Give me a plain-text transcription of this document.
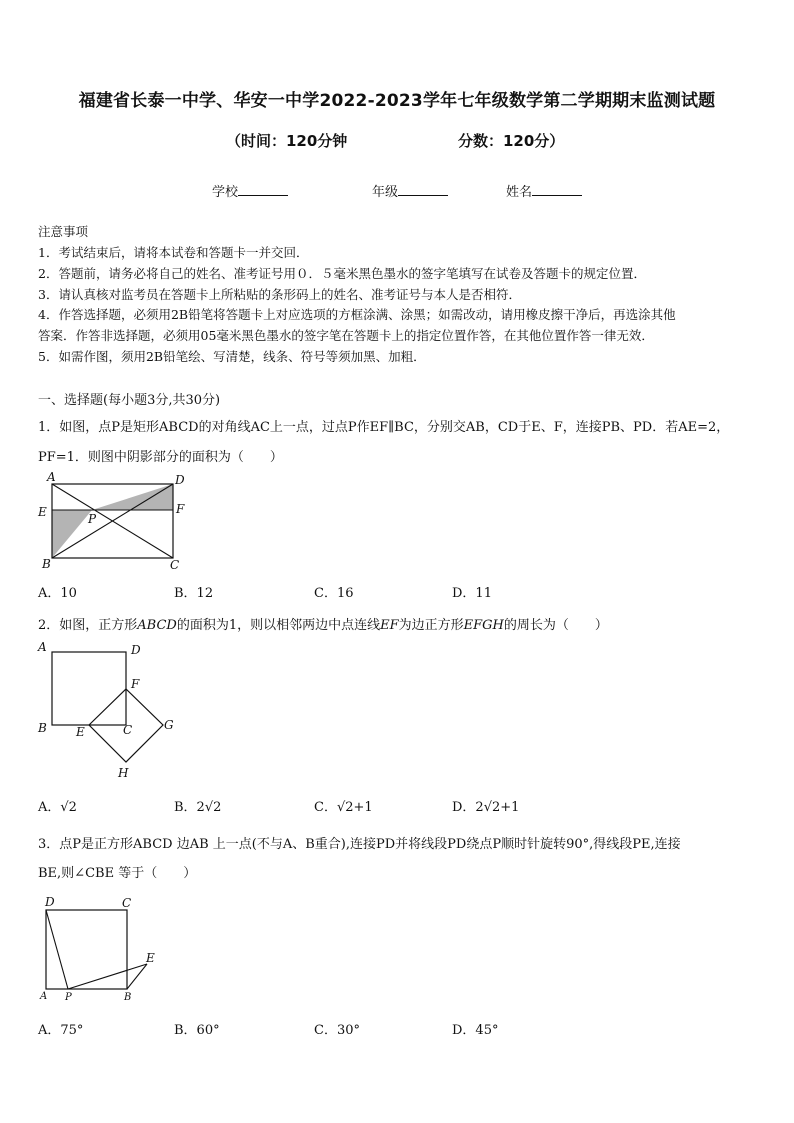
福建省长泰一中学、华安一中学2022-2023学年七年级数学第二学期期末监测试题
（时间：120分钟	分数：120分）
学校	年级	姓名
注意事项
1．考试结束后，请将本试卷和答题卡一并交回．
2．答题前，请务必将自己的姓名、准考证号用０．５毫米黑色墨水的签字笔填写在试卷及答题卡的规定位置．
3．请认真核对监考员在答题卡上所粘贴的条形码上的姓名、准考证号与本人是否相符．
4．作答选择题，必须用2B铅笔将答题卡上对应选项的方框涂满、涂黑；如需改动，请用橡皮擦干净后，再选涂其他
答案．作答非选择题，必须用05毫米黑色墨水的签字笔在答题卡上的指定位置作答，在其他位置作答一律无效．
5．如需作图，须用2B铅笔绘、写清楚，线条、符号等须加黑、加粗．
一、选择题(每小题3分,共30分)
1．如图，点P是矩形ABCD的对角线AC上一点，过点P作EF∥BC，分别交AB，CD于E、F，连接PB、PD．若AE=2，
PF=1．则图中阴影部分的面积为（　　）
A	D
E	P
F
B	C
A．10	B．12	C．16	D．11
2．如图，正方形ABCD的面积为1，则以相邻两边中点连线EF为边正方形EFGH的周长为（　　）
A	D
F
G
B E	C
H
A．√2	B．2√2	C．√2+1	D．2√2+1
3．点P是正方形ABCD 边AB 上一点(不与A、B重合),连接PD并将线段PD绕点P顺时针旋转90°,得线段PE,连接
BE,则∠CBE 等于（　　）
D	C
E
A P	B
A．75°	B．60°	C．30°	D．45°
